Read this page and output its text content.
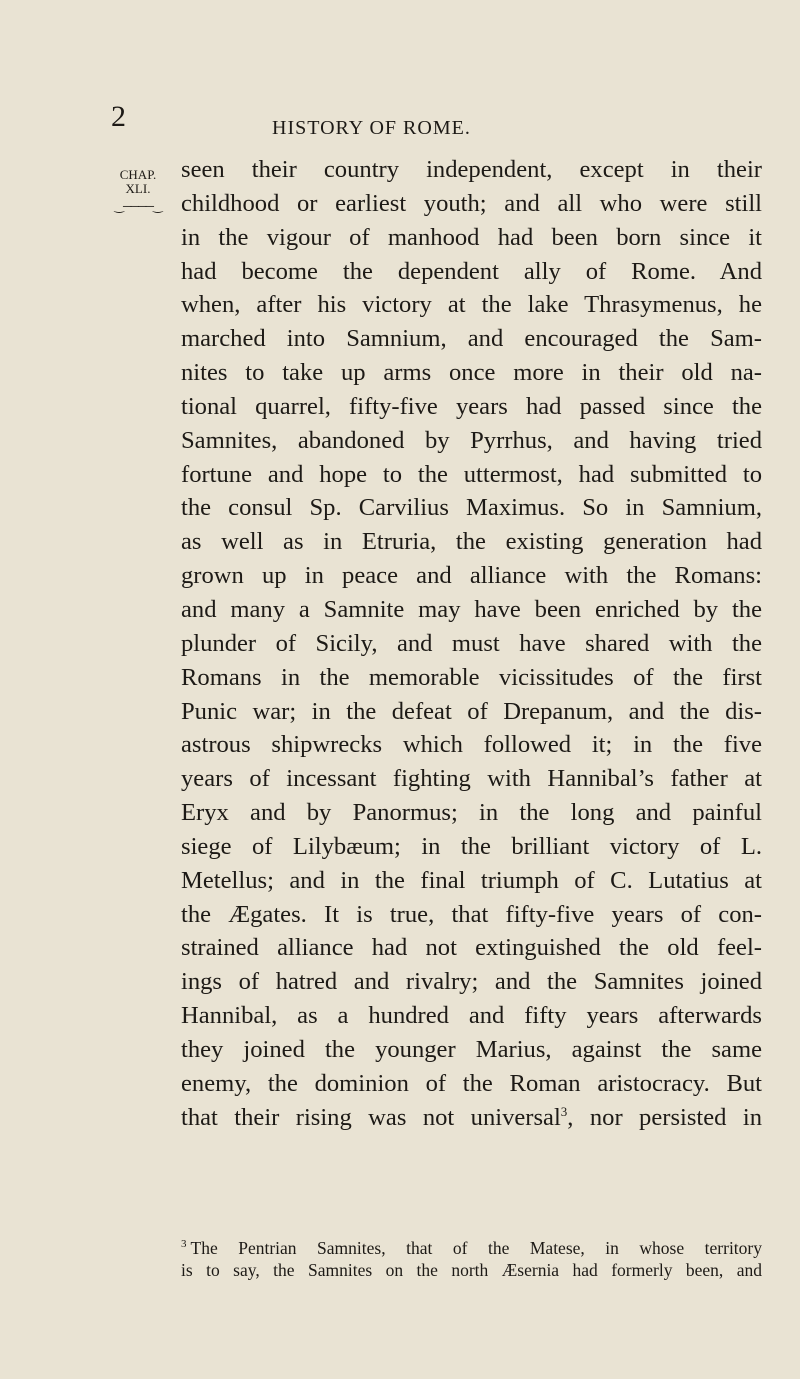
2	HISTORY OF ROME.
CHAP.
XLI.
‿────‿
seen their country independent, except in their
childhood or earliest youth; and all who were still
in the vigour of manhood had been born since it
had become the dependent ally of Rome. And
when, after his victory at the lake Thrasymenus, he
marched into Samnium, and encouraged the Sam-
nites to take up arms once more in their old na-
tional quarrel, fifty-five years had passed since the
Samnites, abandoned by Pyrrhus, and having tried
fortune and hope to the uttermost, had submitted to
the consul Sp. Carvilius Maximus. So in Samnium,
as well as in Etruria, the existing generation had
grown up in peace and alliance with the Romans:
and many a Samnite may have been enriched by the
plunder of Sicily, and must have shared with the
Romans in the memorable vicissitudes of the first
Punic war; in the defeat of Drepanum, and the dis-
astrous shipwrecks which followed it; in the five
years of incessant fighting with Hannibal’s father at
Eryx and by Panormus; in the long and painful
siege of Lilybæum; in the brilliant victory of L.
Metellus; and in the final triumph of C. Lutatius at
the Ægates. It is true, that fifty-five years of con-
strained alliance had not extinguished the old feel-
ings of hatred and rivalry; and the Samnites joined
Hannibal, as a hundred and fifty years afterwards
they joined the younger Marius, against the same
enemy, the dominion of the Roman aristocracy. But
that their rising was not universal$^3$, nor persisted in
$^3$ The Pentrian Samnites, that of the Matese, in whose territory
is to say, the Samnites on the north Æsernia had formerly been, and
